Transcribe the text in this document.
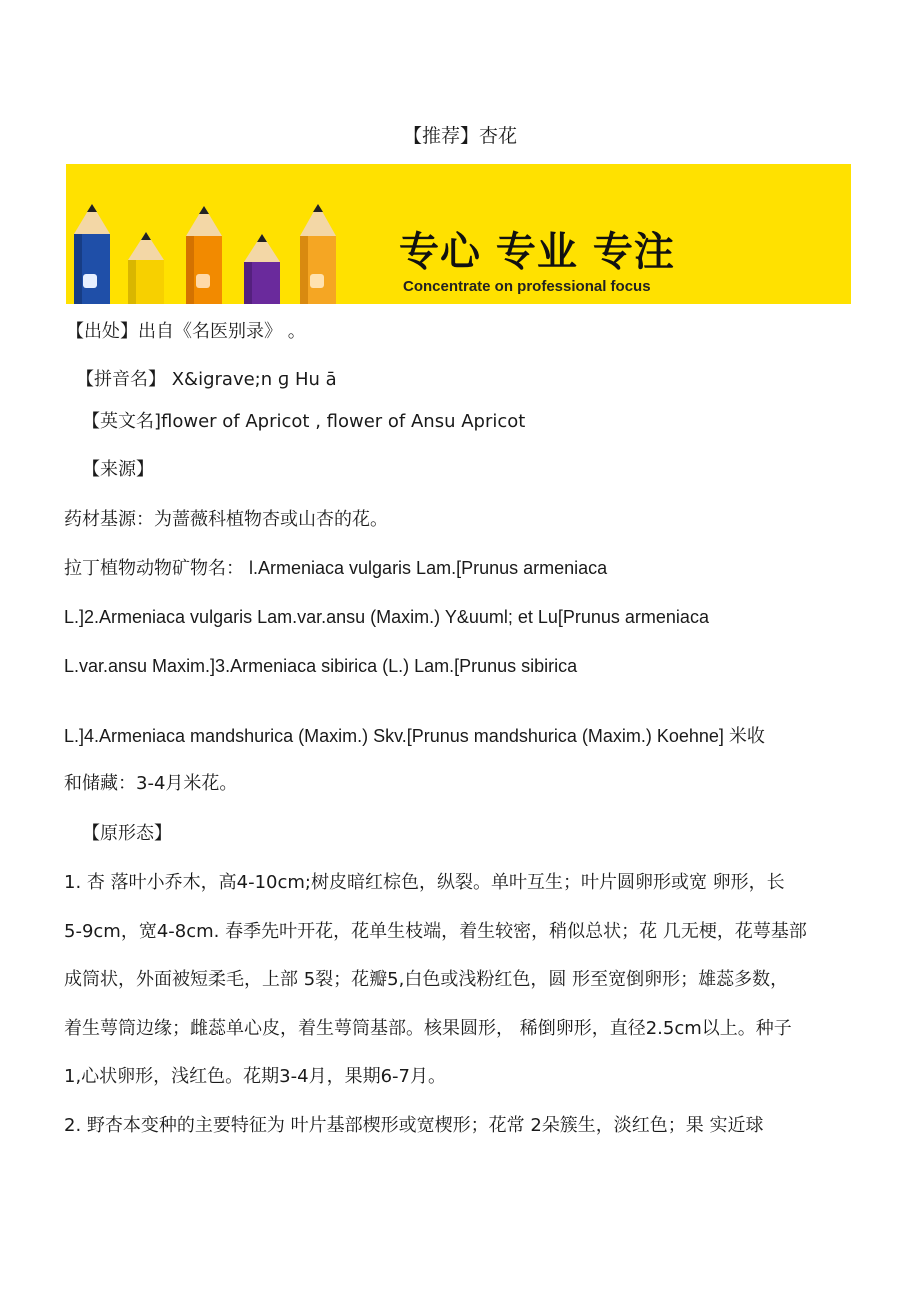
【推荐】杏花
专心 专业 专注
Concentrate on professional focus
【出处】出自《名医别录》 。
【拼音名】 X&igrave;n ɡ Hu ā
【英文名]flower of Apricot , flower of Ansu Apricot
【来源】
药材基源：为蔷薇科植物杏或山杏的花。
拉丁植物动物矿物名： l.Armeniaca vulgaris Lam.[Prunus armeniaca
L.]2.Armeniaca vulgaris Lam.var.ansu (Maxim.) Y&uuml; et Lu[Prunus armeniaca
L.var.ansu Maxim.]3.Armeniaca sibirica (L.) Lam.[Prunus sibirica
L.]4.Armeniaca mandshurica (Maxim.) Skv.[Prunus mandshurica (Maxim.) Koehne] 米收
和储藏：3-4月米花。
【原形态】
1. 杏 落叶小乔木，高4-10cm;树皮暗红棕色，纵裂。单叶互生；叶片圆卵形或宽 卵形，长
5-9cm，宽4-8cm. 春季先叶开花，花单生枝端，着生较密，稍似总状；花 几无梗，花萼基部
成筒状，外面被短柔毛，上部 5裂；花瓣5,白色或浅粉红色，圆 形至宽倒卵形；雄蕊多数，
着生萼筒边缘；雌蕊单心皮，着生萼筒基部。核果圆形， 稀倒卵形，直径2.5cm以上。种子
1,心状卵形，浅红色。花期3-4月，果期6-7月。
2. 野杏本变种的主要特征为 叶片基部楔形或宽楔形；花常 2朵簇生，淡红色；果 实近球
